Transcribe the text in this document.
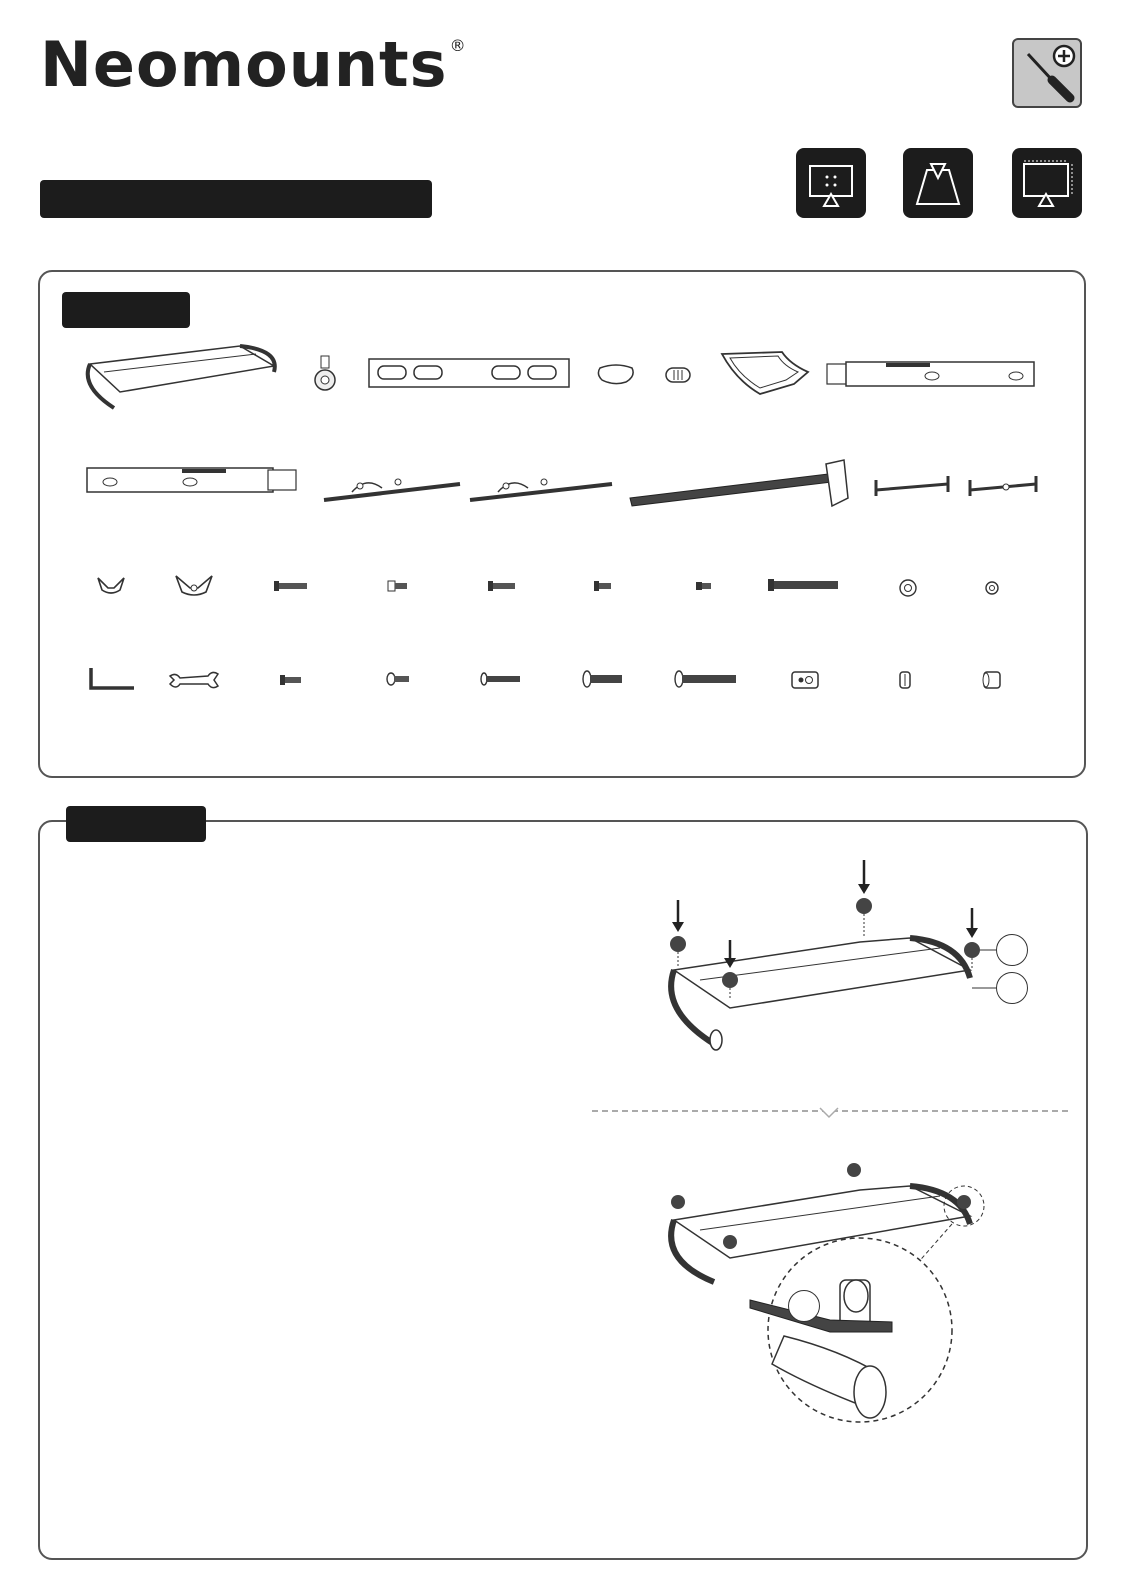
Neomounts ®
